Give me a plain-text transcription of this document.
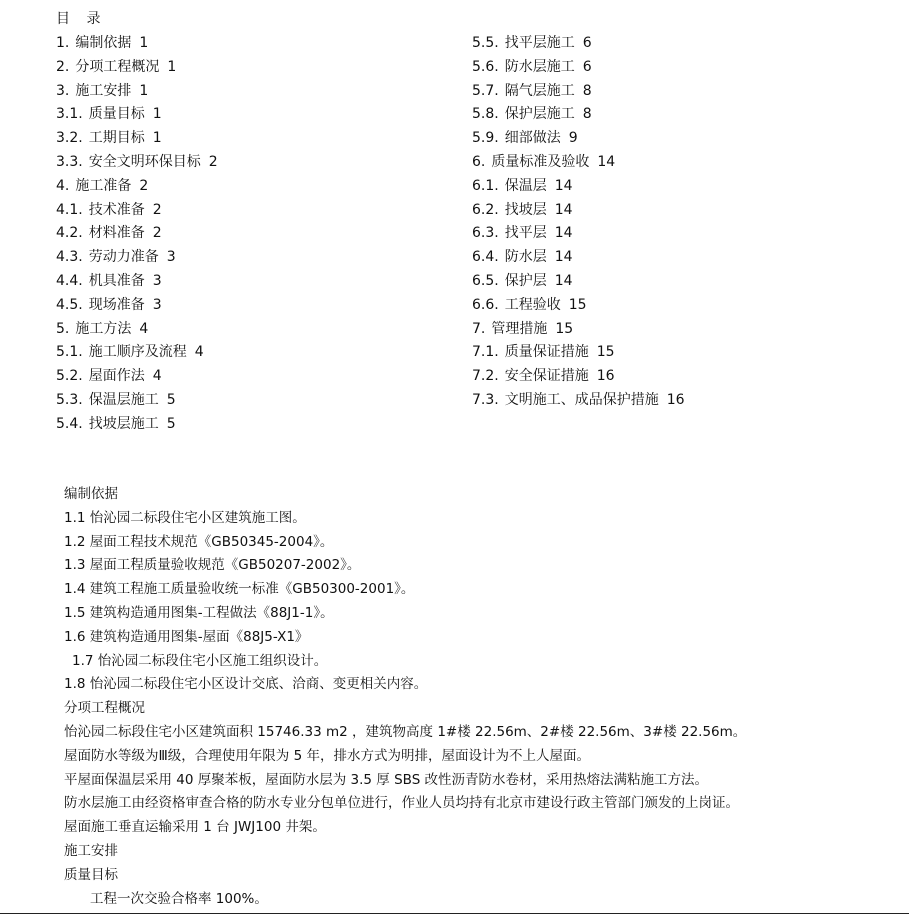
目 录
1. 编制依据 1
2. 分项工程概况 1
3. 施工安排 1
3.1. 质量目标 1
3.2. 工期目标 1
3.3. 安全文明环保目标 2
4. 施工准备 2
4.1. 技术准备 2
4.2. 材料准备 2
4.3. 劳动力准备 3
4.4. 机具准备 3
4.5. 现场准备 3
5. 施工方法 4
5.1. 施工顺序及流程 4
5.2. 屋面作法 4
5.3. 保温层施工 5
5.4. 找坡层施工 5
5.5. 找平层施工 6
5.6. 防水层施工 6
5.7. 隔气层施工 8
5.8. 保护层施工 8
5.9. 细部做法 9
6. 质量标准及验收 14
6.1. 保温层 14
6.2. 找坡层 14
6.3. 找平层 14
6.4. 防水层 14
6.5. 保护层 14
6.6. 工程验收 15
7. 管理措施 15
7.1. 质量保证措施 15
7.2. 安全保证措施 16
7.3. 文明施工、成品保护措施 16
编制依据
1.1 怡沁园二标段住宅小区建筑施工图。
1.2 屋面工程技术规范《GB50345-2004》。
1.3 屋面工程质量验收规范《GB50207-2002》。
1.4 建筑工程施工质量验收统一标准《GB50300-2001》。
1.5 建筑构造通用图集-工程做法《88J1-1》。
1.6 建筑构造通用图集-屋面《88J5-X1》
1.7 怡沁园二标段住宅小区施工组织设计。
1.8 怡沁园二标段住宅小区设计交底、洽商、变更相关内容。
分项工程概况
怡沁园二标段住宅小区建筑面积 15746.33 m2 ，建筑物高度 1#楼 22.56m、2#楼 22.56m、3#楼 22.56m。
屋面防水等级为Ⅲ级，合理使用年限为 5 年，排水方式为明排，屋面设计为不上人屋面。
平屋面保温层采用 40 厚聚苯板，屋面防水层为 3.5 厚 SBS 改性沥青防水卷材，采用热熔法满粘施工方法。
防水层施工由经资格审查合格的防水专业分包单位进行，作业人员均持有北京市建设行政主管部门颁发的上岗证。
屋面施工垂直运输采用 1 台 JWJ100 井架。
施工安排
质量目标
工程一次交验合格率 100%。
